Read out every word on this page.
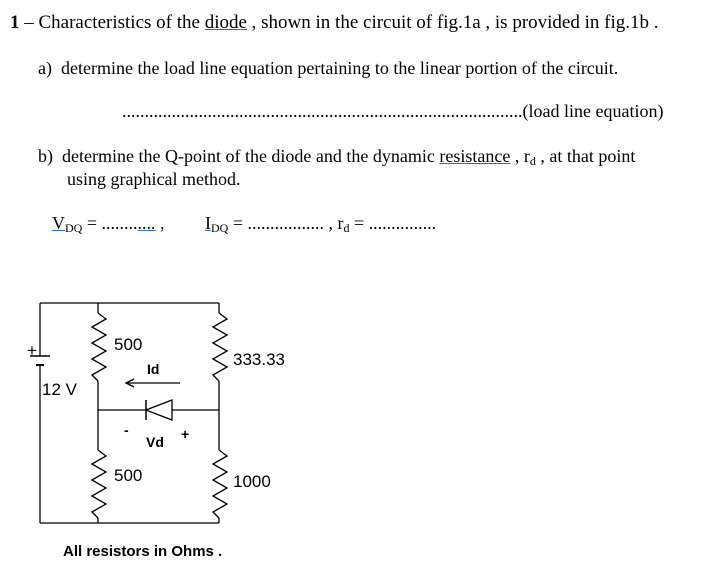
1 – Characteristics of the diode , shown in the circuit of fig.1a , is provided in fig.1b .
a) determine the load line equation pertaining to the linear portion of the circuit.
.........................................................................................(load line equation)
b) determine the Q-point of the diode and the dynamic resistance , $r_d$ , at that point
using graphical method.
$V_{DQ}$ = ............ , $I_{DQ}$ = ................. , $r_d$ = ...............
+
12 V
500
333.33
Id
-
Vd +
500	1000
All resistors in Ohms .
